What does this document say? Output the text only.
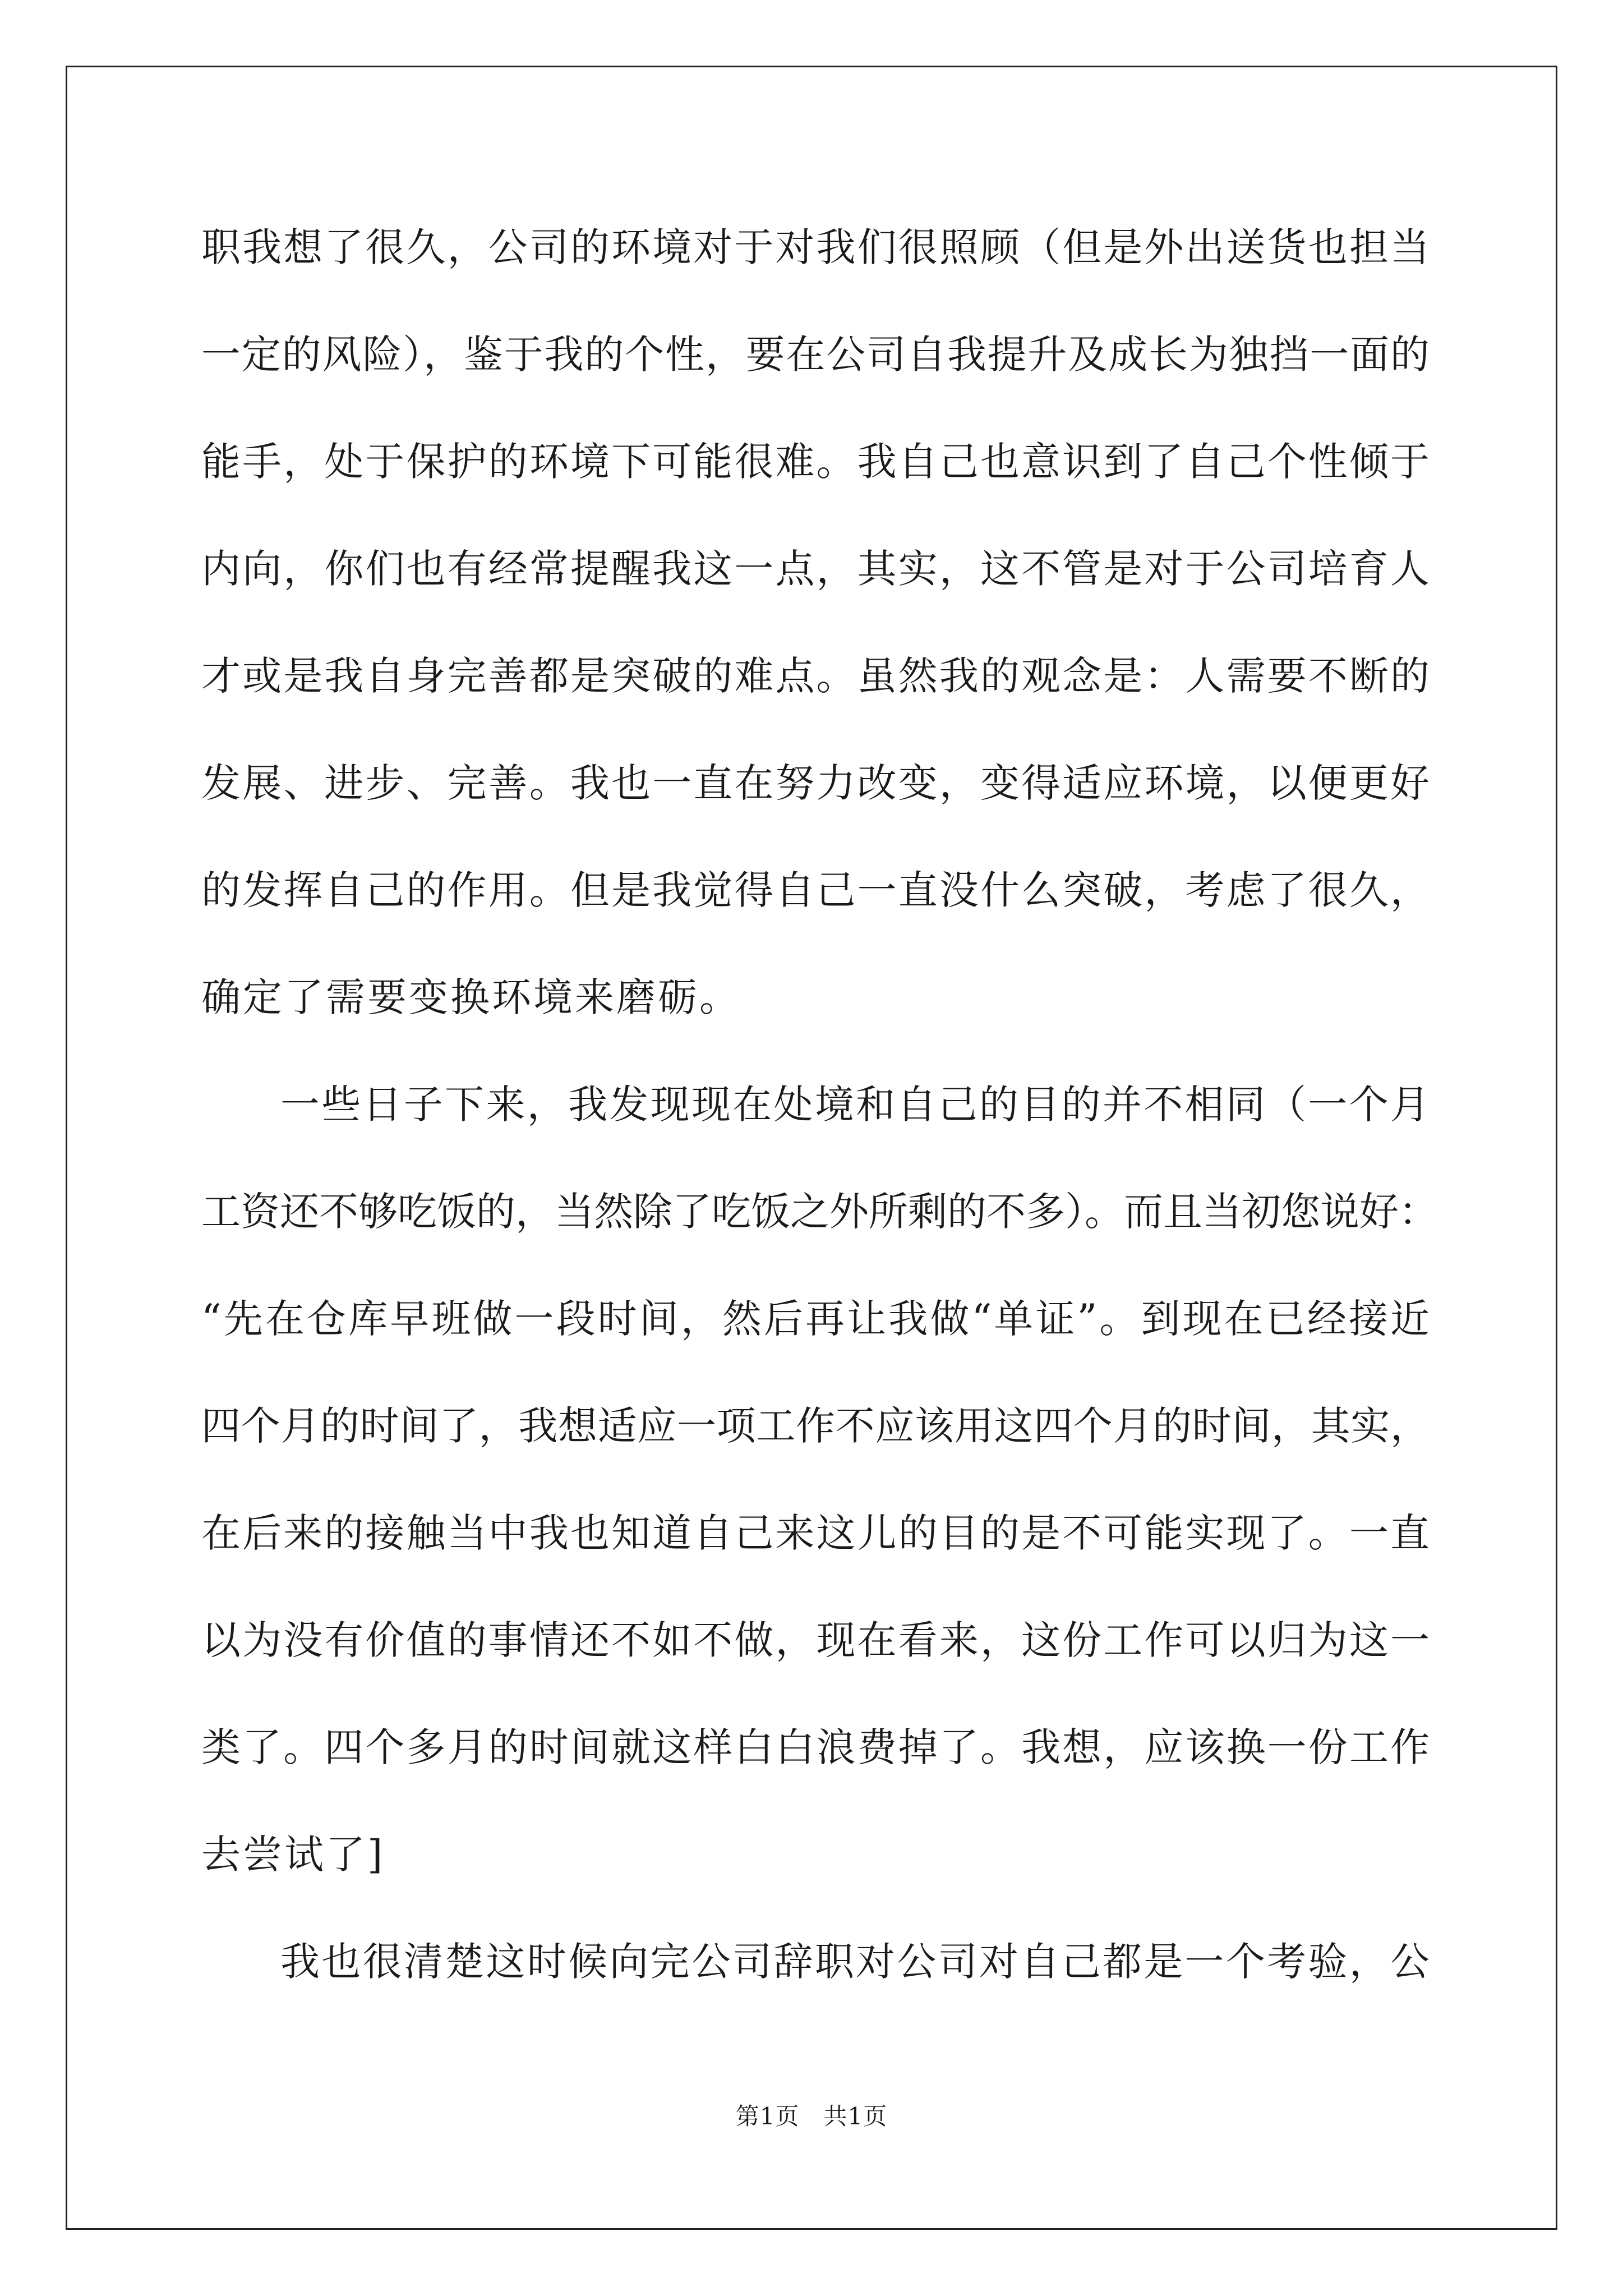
职我想了很久，公司的环境对于对我们很照顾（但是外出送货也担当
一定的风险），鉴于我的个性，要在公司自我提升及成长为独挡一面的
能手，处于保护的环境下可能很难。我自己也意识到了自己个性倾于
内向，你们也有经常提醒我这一点，其实，这不管是对于公司培育人
才或是我自身完善都是突破的难点。虽然我的观念是：人需要不断的
发展、进步、完善。我也一直在努力改变，变得适应环境，以便更好
的发挥自己的作用。但是我觉得自己一直没什么突破，考虑了很久，
确定了需要变换环境来磨砺。
一些日子下来，我发现现在处境和自己的目的并不相同（一个月
工资还不够吃饭的，当然除了吃饭之外所剩的不多）。而且当初您说好：
“先在仓库早班做一段时间，然后再让我做“单证”。到现在已经接近
四个月的时间了，我想适应一项工作不应该用这四个月的时间，其实，
在后来的接触当中我也知道自己来这儿的目的是不可能实现了。一直
以为没有价值的事情还不如不做，现在看来，这份工作可以归为这一
类了。四个多月的时间就这样白白浪费掉了。我想，应该换一份工作
去尝试了]
我也很清楚这时候向完公司辞职对公司对自己都是一个考验，公
第1页　共1页
